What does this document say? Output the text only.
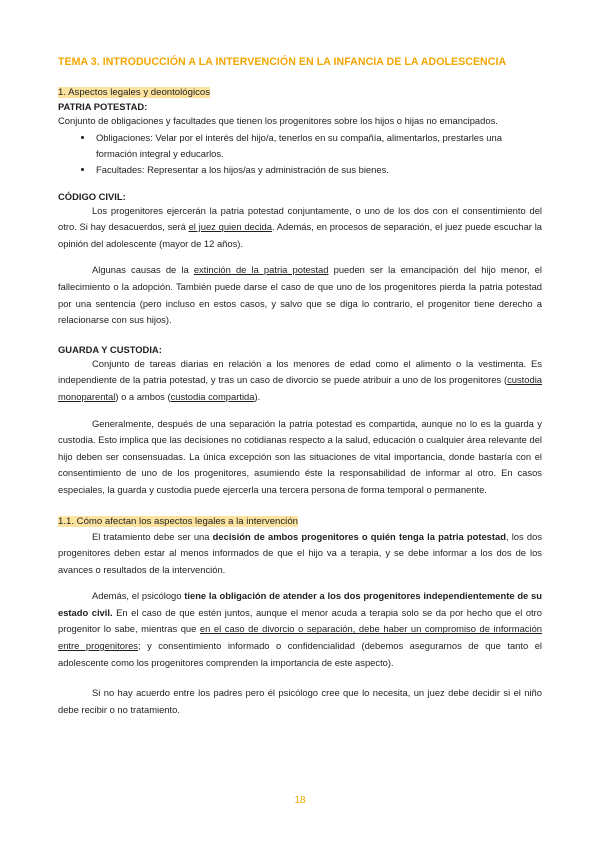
TEMA 3. INTRODUCCIÓN A LA INTERVENCIÓN EN LA INFANCIA DE LA ADOLESCENCIA
1. Aspectos legales y deontológicos
PATRIA POTESTAD:

Conjunto de obligaciones y facultades que tienen los progenitores sobre los hijos o hijas no emancipados.

• Obligaciones: Velar por el interés del hijo/a, tenerlos en su compañía, alimentarlos, prestarles una formación integral y educarlos.
• Facultades: Representar a los hijos/as y administración de sus bienes.
CÓDIGO CIVIL:

Los progenitores ejercerán la patria potestad conjuntamente, o uno de los dos con el consentimiento del otro. Si hay desacuerdos, será el juez quien decida. Además, en procesos de separación, el juez puede escuchar la opinión del adolescente (mayor de 12 años).

Algunas causas de la extinción de la patria potestad pueden ser la emancipación del hijo menor, el fallecimiento o la adopción. También puede darse el caso de que uno de los progenitores pierda la patria potestad por una sentencia (pero incluso en estos casos, y salvo que se diga lo contrario, el progenitor tiene derecho a relacionarse con sus hijos).

GUARDA Y CUSTODIA:

Conjunto de tareas diarias en relación a los menores de edad como el alimento o la vestimenta. Es independiente de la patria potestad, y tras un caso de divorcio se puede atribuir a uno de los progenitores (custodia monoparental) o a ambos (custodia compartida).

Generalmente, después de una separación la patria potestad es compartida, aunque no lo es la guarda y custodia. Esto implica que las decisiones no cotidianas respecto a la salud, educación o cualquier área relevante del hijo deben ser consensuadas. La única excepción son las situaciones de vital importancia, donde bastaría con el consentimiento de uno de los progenitores, asumiendo éste la responsabilidad de informar al otro. En casos especiales, la guarda y custodia puede ejercerla una tercera persona de forma temporal o permanente.

1.1. Cómo afectan los aspectos legales a la intervención

El tratamiento debe ser una decisión de ambos progenitores o quién tenga la patria potestad, los dos progenitores deben estar al menos informados de que el hijo va a terapia, y se debe informar a los dos de los avances o resultados de la intervención.

Además, el psicólogo tiene la obligación de atender a los dos progenitores independientemente de su estado civil. En el caso de que estén juntos, aunque el menor acuda a terapia solo se da por hecho que el otro progenitor lo sabe, mientras que en el caso de divorcio o separación, debe haber un compromiso de información entre progenitores; y consentimiento informado o confidencialidad (debemos asegurarnos de que tanto el adolescente como los progenitores comprenden la importancia de este aspecto).

Si no hay acuerdo entre los padres pero él psicólogo cree que lo necesita, un juez debe decidir si el niño debe recibir o no tratamiento.

18
